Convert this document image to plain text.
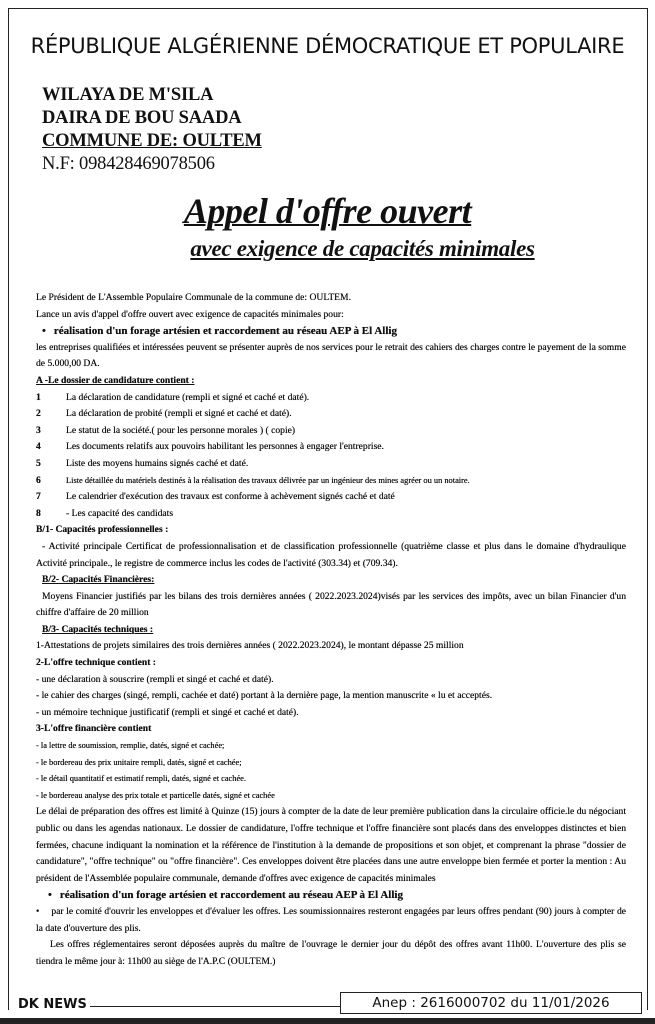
RÉPUBLIQUE ALGÉRIENNE DÉMOCRATIQUE ET POPULAIRE
WILAYA DE M'SILA
DAIRA DE BOU SAADA
COMMUNE DE: OULTEM
N.F: 098428469078506
Appel d'offre ouvert
avec exigence de capacités minimales

Le Président de L'Assemble Populaire Communale de la commune de: OULTEM.

Lance un avis d'appel d'offre ouvert avec exigence de capacités minimales pour:

• réalisation d'un forage artésien et raccordement au réseau AEP à El Allig

les entreprises qualifiées et intéressées peuvent se présenter auprès de nos services pour le retrait des cahiers des charges contre le payement de la somme de 5.000,00 DA.

A -Le dossier de candidature contient :

1	La déclaration de candidature (rempli et signé et caché et daté).
2	La déclaration de probité (rempli et signé et caché et daté).
3	Le statut de la société.( pour les personne morales ) ( copie)
4	Les documents relatifs aux pouvoirs habilitant les personnes à engager l'entreprise.
5	Liste des moyens humains signés caché et daté.
6	Liste détaillée du matériels destinés à la réalisation des travaux délivrée par un ingénieur des mines agréer ou un notaire.
7	Le calendrier d'exécution des travaux est conforme à achèvement signés caché et daté
8	- Les capacité des candidats

B/1- Capacités professionnelles :

- Activité principale Certificat de professionnalisation et de classification professionnelle (quatrième classe et plus dans le domaine d'hydraulique Activité principale., le registre de commerce inclus les codes de l'activité (303.34) et (709.34).

B/2- Capacités Financières:

Moyens Financier justifiés par les bilans des trois dernières années ( 2022.2023.2024)visés par les services des impôts, avec un bilan Financier d'un chiffre d'affaire de 20 million

B/3- Capacités techniques :

1-Attestations de projets similaires des trois dernières années ( 2022.2023.2024), le montant dépasse 25 million

2-L'offre technique contient :

- une déclaration à souscrire (rempli et singé et caché et daté).

- le cahier des charges (singé, rempli, cachée et daté) portant à la dernière page, la mention manuscrite « lu et acceptés.

- un mémoire technique justificatif (rempli et singé et caché et daté).

3-L'offre financière contient

- la lettre de soumission, remplie, datés, signé et cachée;

- le bordereau des prix unitaire rempli, datés, signé et cachée;

- le détail quantitatif et estimatif rempli, datés, signé et cachée.

- le bordereau analyse des prix totale et particelle datés, signé et cachée

Le délai de préparation des offres est limité à Quinze (15) jours à compter de la date de leur première publication dans la circulaire officie.le du négociant public ou dans les agendas nationaux. Le dossier de candidature, l'offre technique et l'offre financière sont placés dans des enveloppes distinctes et bien fermées, chacune indiquant la nomination et la référence de l'institution à la demande de propositions et son objet, et comprenant la phrase "dossier de candidature", "offre technique" ou "offre financière". Ces enveloppes doivent être placées dans une autre enveloppe bien fermée et porter la mention : Au président de l'Assemblée populaire communale, demande d'offres avec exigence de capacités minimales

• réalisation d'un forage artésien et raccordement au réseau AEP à El Allig

• par le comité d'ouvrir les enveloppes et d'évaluer les offres. Les soumissionnaires resteront engagées par leurs offres pendant (90) jours à compter de la date d'ouverture des plis.

Les offres réglementaires seront déposées auprès du maître de l'ouvrage le dernier jour du dépôt des offres avant 11h00. L'ouverture des plis se tiendra le même jour à: 11h00 au siège de l'A.P.C (OULTEM.)

DK NEWS	Anep : 2616000702 du 11/01/2026
